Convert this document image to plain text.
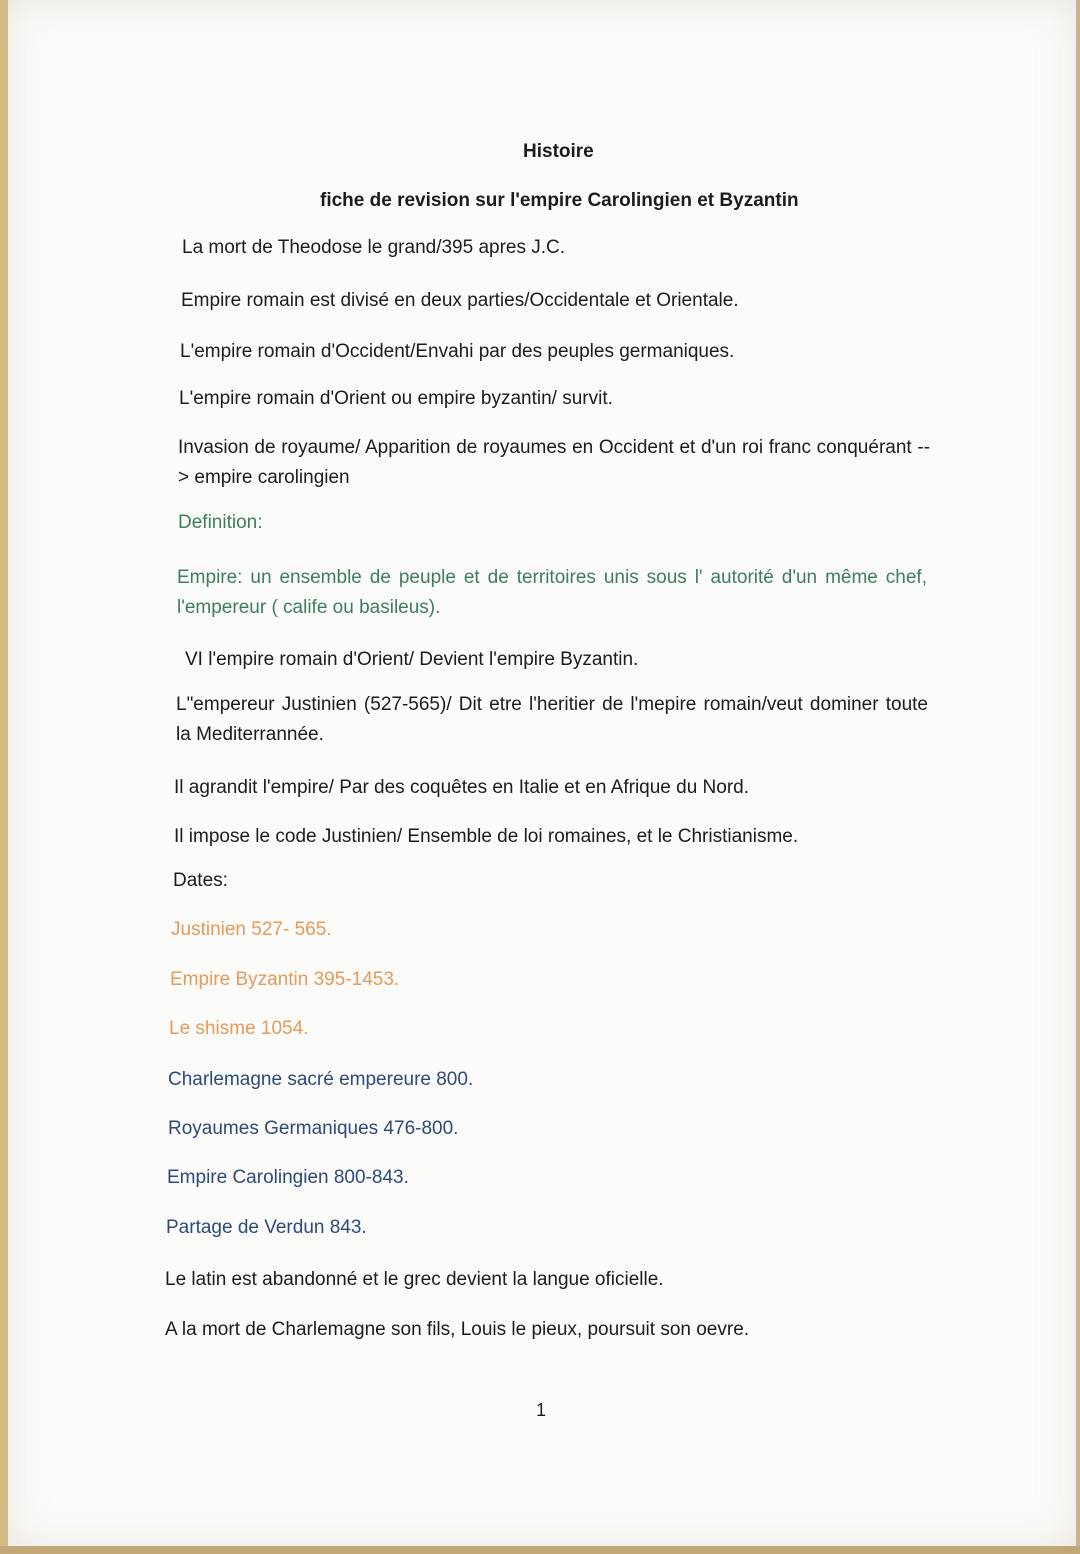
Histoire
fiche de revision sur l'empire Carolingien et Byzantin
La mort de Theodose le grand/395 apres J.C.
Empire romain est divisé en deux parties/Occidentale et Orientale.
L'empire romain d'Occident/Envahi par des peuples germaniques.
L'empire romain d'Orient ou empire byzantin/ survit.
Invasion de royaume/ Apparition de royaumes en Occident et d'un roi franc conquérant --> empire carolingien
Definition:
Empire: un ensemble de peuple et de territoires unis sous l' autorité d'un même chef, l'empereur ( calife ou basileus).
VI l'empire romain d'Orient/ Devient l'empire Byzantin.
L"empereur Justinien (527-565)/ Dit etre l'heritier de l'mepire romain/veut dominer toute la Mediterrannée.
Il agrandit l'empire/ Par des coquêtes en Italie et en Afrique du Nord.
Il impose le code Justinien/ Ensemble de loi romaines, et le Christianisme.
Dates:
Justinien 527- 565.
Empire Byzantin 395-1453.
Le shisme 1054.
Charlemagne sacré empereure 800.
Royaumes Germaniques 476-800.
Empire Carolingien 800-843.
Partage de Verdun 843.
Le latin est abandonné et le grec devient la langue oficielle.
A la mort de Charlemagne son fils, Louis le pieux, poursuit son oevre.
1
